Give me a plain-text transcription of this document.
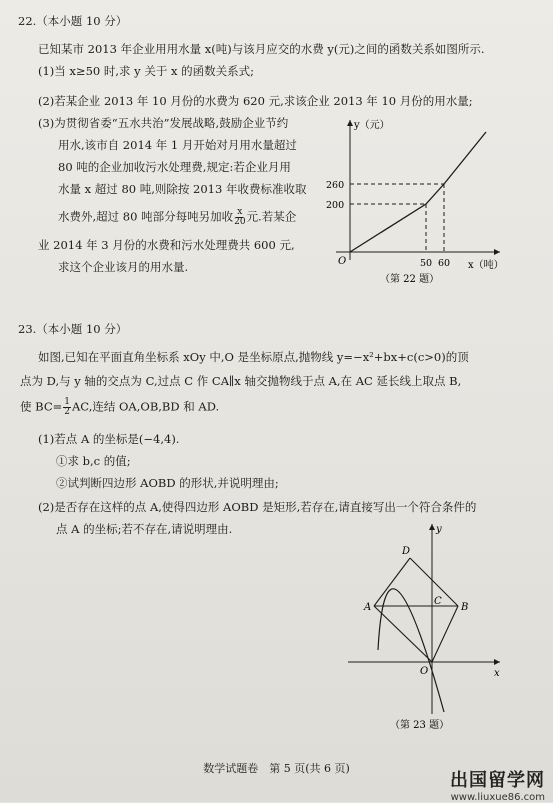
22.（本小题 10 分）
已知某市 2013 年企业用用水量 x(吨)与该月应交的水费 y(元)之间的函数关系如图所示.
(1)当 x≥50 时,求 y 关于 x 的函数关系式;
(2)若某企业 2013 年 10 月份的水费为 620 元,求该企业 2013 年 10 月份的用水量;
(3)为贯彻省委“五水共治”发展战略,鼓励企业节约
用水,该市自 2014 年 1 月开始对月用水量超过
80 吨的企业加收污水处理费,规定:若企业月用
水量 x 超过 80 吨,则除按 2013 年收费标准收取
水费外,超过 80 吨部分每吨另加收 $\frac{x}{20}$ 元.若某企
业 2014 年 3 月份的水费和污水处理费共 600 元,
求这个企业该月的用水量.
y（元）
x（吨）
O
260
200
50 60
（第 22 题）
23.（本小题 10 分）
如图,已知在平面直角坐标系 xOy 中,O 是坐标原点,抛物线 y=−x²+bx+c(c>0)的顶
点为 D,与 y 轴的交点为 C,过点 C 作 CA∥x 轴交抛物线于点 A,在 AC 延长线上取点 B,
使 $BC= \frac{1}{2}$ AC,连结 OA,OB,BD 和 AD.
(1)若点 A 的坐标是(−4,4).
①求 b,c 的值;
②试判断四边形 AOBD 的形状,并说明理由;
(2)是否存在这样的点 A,使得四边形 AOBD 是矩形,若存在,请直接写出一个符合条件的
点 A 的坐标;若不存在,请说明理由.
D
A
C
B
O	x
y
（第 23 题）
数学试题卷　第 5 页(共 6 页)
出国留学网
www.liuxue86.com
